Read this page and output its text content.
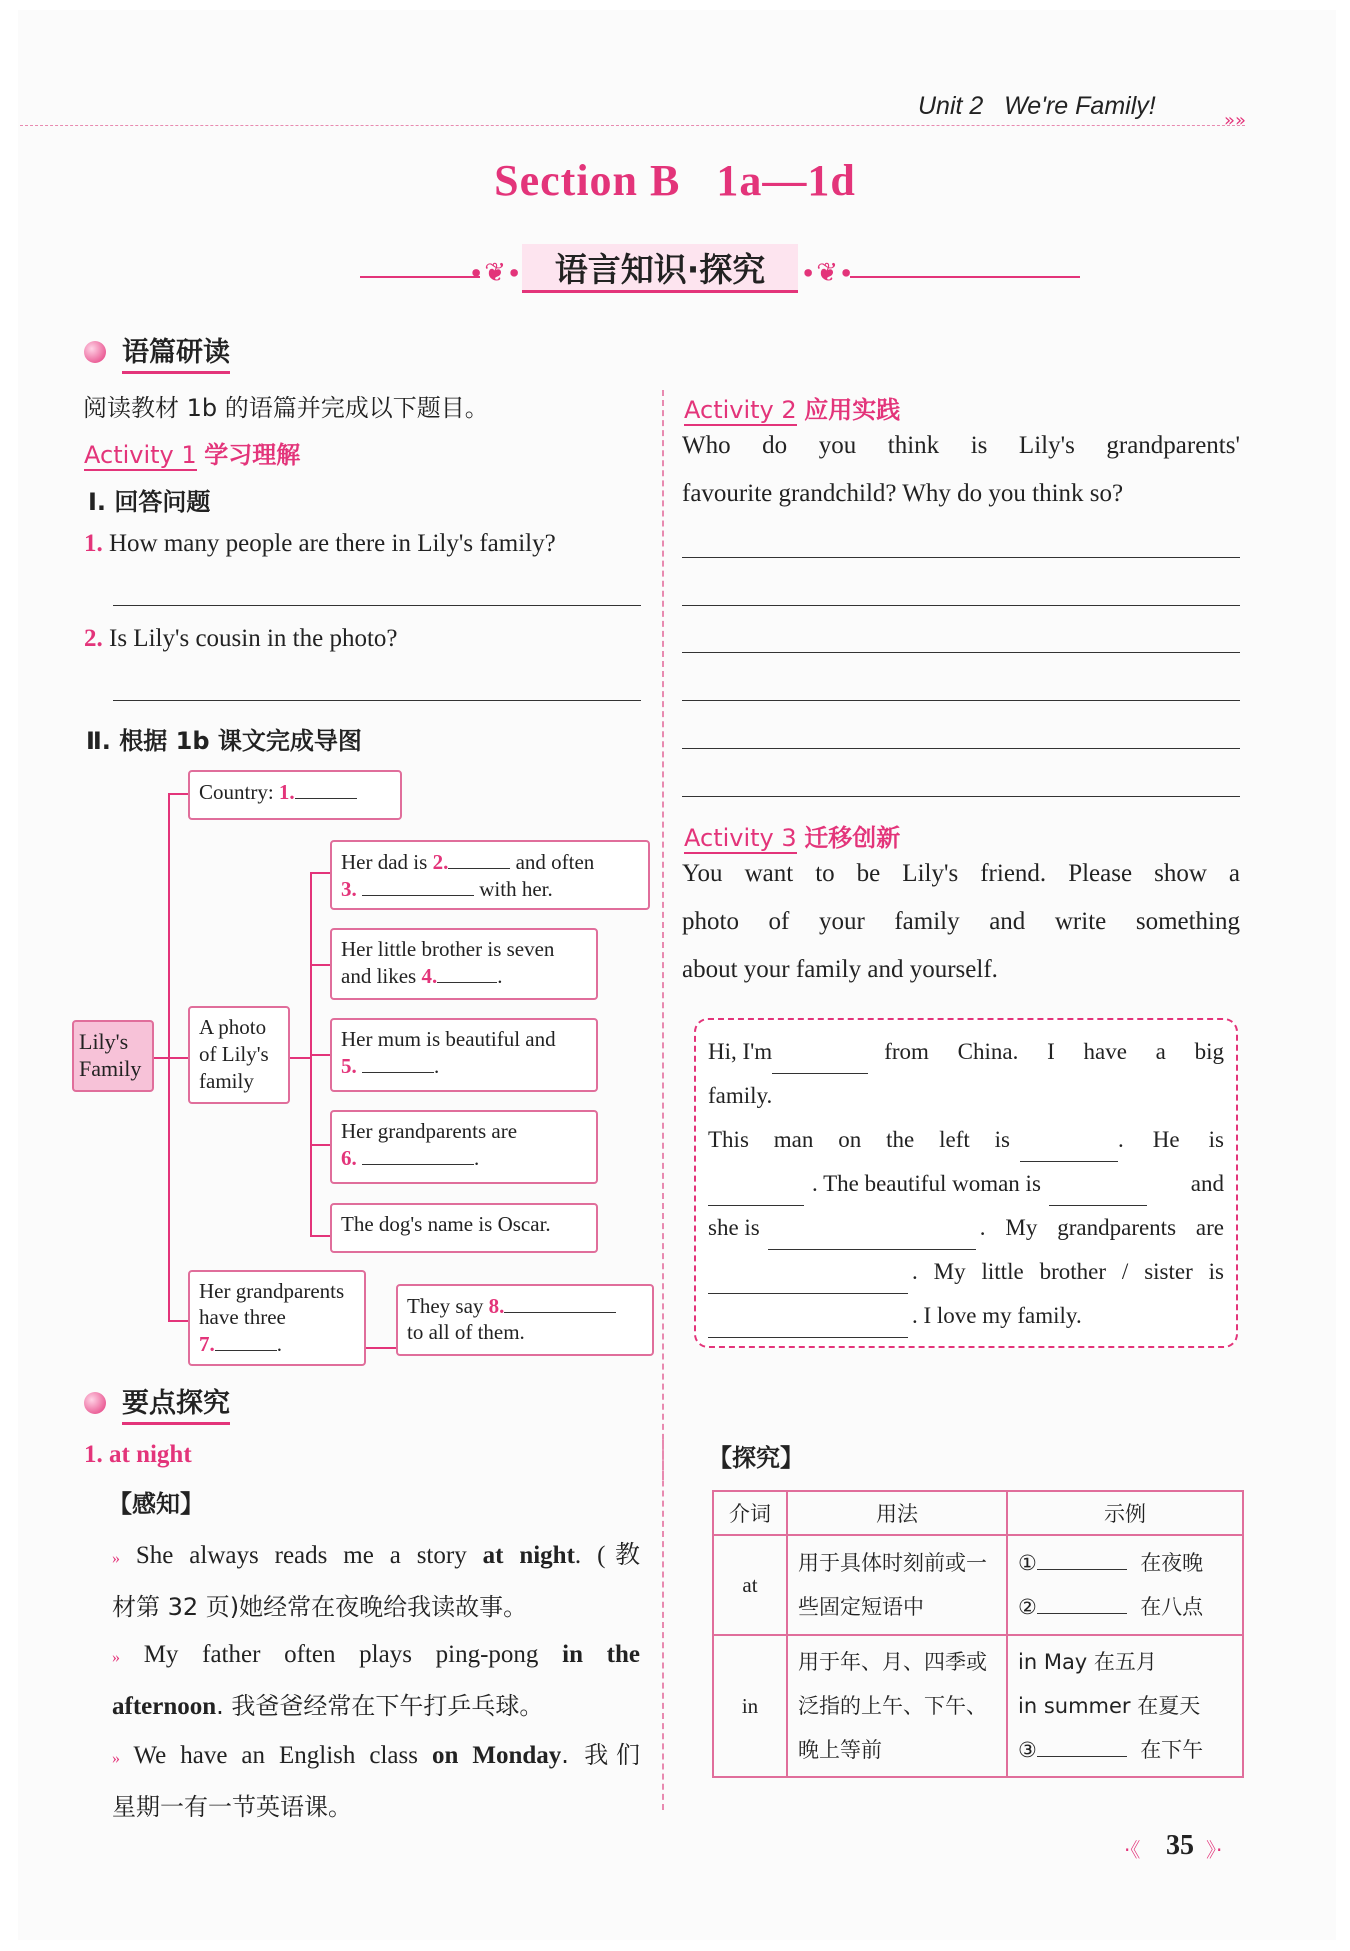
Unit 2 We're Family!
»»
Section B   1a—1d
∙❦∙	∙❦∙
语言知识·探究
语篇研读
阅读教材 1b 的语篇并完成以下题目。
Activity 1 学习理解
Ⅰ. 回答问题
1. How many people are there in Lily's family?
2. Is Lily's cousin in the photo?
Ⅱ. 根据 1b 课文完成导图
Lily's Family
Country: 1.
A photo of Lily's family
Her dad is 2.	and often
3.	with her.
Her little brother is seven
and likes 4.	.
Her mum is beautiful and
5.	.
Her grandparents are
6.	.
The dog's name is Oscar.
Her grandparents
have three
7.	.
They say 8.
to all of them.
Activity 2 应用实践
Who do you think is Lily's grandparents'
favourite grandchild? Why do you think so?
Activity 3 迁移创新
You want to be Lily's friend. Please show a
photo of your family and write something
about your family and yourself.
Hi, I'm	from China. I have a big
family.
This man on the left is	. He is
. The beautiful woman is	and
she is	. My grandparents are
. My little brother / sister is
. I love my family.
要点探究
1. at night
【感知】
» She always reads me a story at night. (教
材第 32 页)她经常在夜晚给我读故事。
» My father often plays ping-pong in the
afternoon. 我爸爸经常在下午打乒乓球。
» We have an English class on Monday. 我们
星期一有一节英语课。
【探究】
介词	用法	示例
at	用于具体时刻前或一些固定短语中	① 在夜晚
② 在八点

in	用于年、月、四季或泛指的上午、下午、晚上等前	in May 在五月
in summer 在夏天
③ 在下午
·《 35 》·
